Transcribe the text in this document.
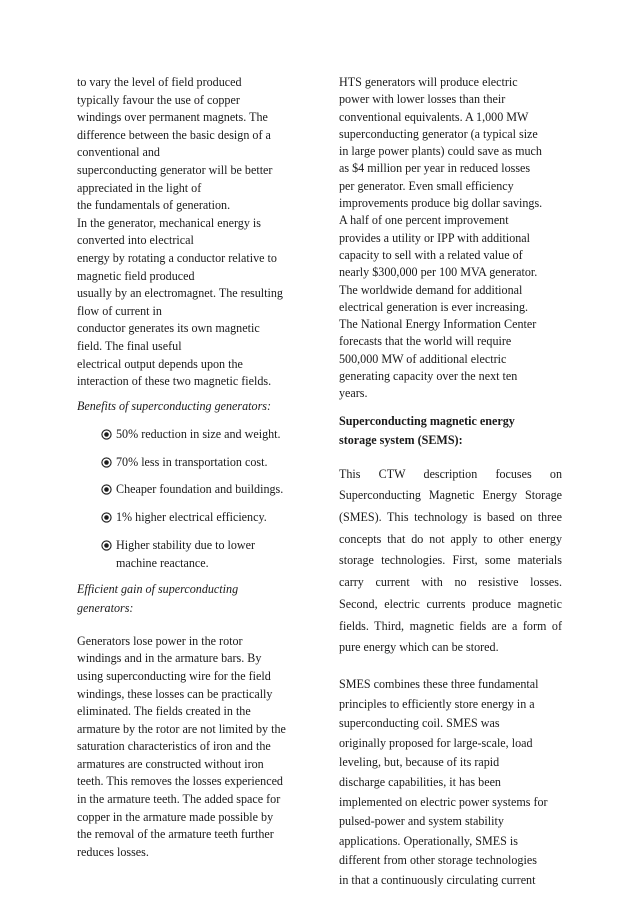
to vary the level of field produced
typically favour the use of copper
windings over permanent magnets. The
difference between the basic design of a
conventional and
superconducting generator will be better
appreciated in the light of
the fundamentals of generation.
In the generator, mechanical energy is
converted into electrical
energy by rotating a conductor relative to
magnetic field produced
usually by an electromagnet. The resulting
flow of current in
conductor generates its own magnetic
field. The final useful
electrical output depends upon the
interaction of these two magnetic fields.

Benefits of superconducting generators:

50% reduction in size and weight.
70% less in transportation cost.
Cheaper foundation and buildings.
1% higher electrical efficiency.
Higher stability due to lower machine reactance.

Efficient gain of superconducting generators:

Generators lose power in the rotor
windings and in the armature bars. By
using superconducting wire for the field
windings, these losses can be practically
eliminated. The fields created in the
armature by the rotor are not limited by the
saturation characteristics of iron and the
armatures are constructed without iron
teeth. This removes the losses experienced
in the armature teeth. The added space for
copper in the armature made possible by
the removal of the armature teeth further
reduces losses.
HTS generators will produce electric
power with lower losses than their
conventional equivalents. A 1,000 MW
superconducting generator (a typical size
in large power plants) could save as much
as $4 million per year in reduced losses
per generator. Even small efficiency
improvements produce big dollar savings.
A half of one percent improvement
provides a utility or IPP with additional
capacity to sell with a related value of
nearly $300,000 per 100 MVA generator.
The worldwide demand for additional
electrical generation is ever increasing.
The National Energy Information Center
forecasts that the world will require
500,000 MW of additional electric
generating capacity over the next ten
years.

Superconducting magnetic energy storage system (SEMS):

This CTW description focuses on
Superconducting Magnetic Energy Storage
(SMES). This technology is based on three
concepts that do not apply to other energy
storage technologies. First, some materials
carry current with no resistive losses.
Second, electric currents produce magnetic
fields. Third, magnetic fields are a form of
pure energy which can be stored.
SMES combines these three fundamental
principles to efficiently store energy in a
superconducting coil. SMES was
originally proposed for large-scale, load
leveling, but, because of its rapid
discharge capabilities, it has been
implemented on electric power systems for
pulsed-power and system stability
applications. Operationally, SMES is
different from other storage technologies
in that a continuously circulating current
